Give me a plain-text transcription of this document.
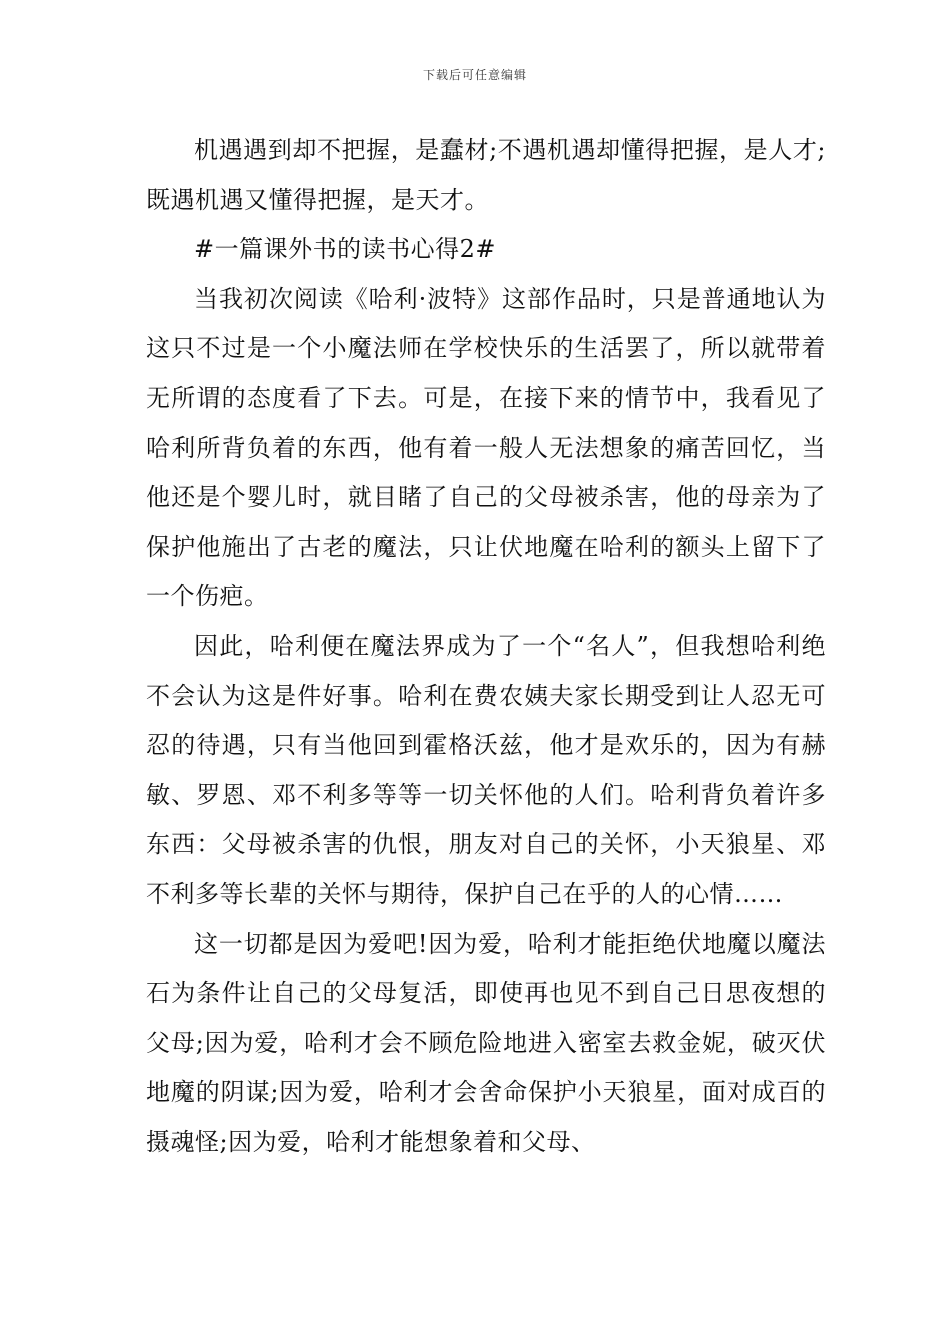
下载后可任意编辑

机遇遇到却不把握，是蠢材;不遇机遇却懂得把握，是人才;既遇机遇又懂得把握，是天才。

#一篇课外书的读书心得2#

当我初次阅读《哈利·波特》这部作品时，只是普通地认为这只不过是一个小魔法师在学校快乐的生活罢了，所以就带着无所谓的态度看了下去。可是，在接下来的情节中，我看见了哈利所背负着的东西，他有着一般人无法想象的痛苦回忆，当他还是个婴儿时，就目睹了自己的父母被杀害，他的母亲为了保护他施出了古老的魔法，只让伏地魔在哈利的额头上留下了一个伤疤。

因此，哈利便在魔法界成为了一个“名人”，但我想哈利绝不会认为这是件好事。哈利在费农姨夫家长期受到让人忍无可忍的待遇，只有当他回到霍格沃兹，他才是欢乐的，因为有赫敏、罗恩、邓不利多等等一切关怀他的人们。哈利背负着许多东西：父母被杀害的仇恨，朋友对自己的关怀，小天狼星、邓不利多等长辈的关怀与期待，保护自己在乎的人的心情……

这一切都是因为爱吧!因为爱，哈利才能拒绝伏地魔以魔法石为条件让自己的父母复活，即使再也见不到自己日思夜想的父母;因为爱，哈利才会不顾危险地进入密室去救金妮，破灭伏地魔的阴谋;因为爱，哈利才会舍命保护小天狼星，面对成百的摄魂怪;因为爱，哈利才能想象着和父母、
